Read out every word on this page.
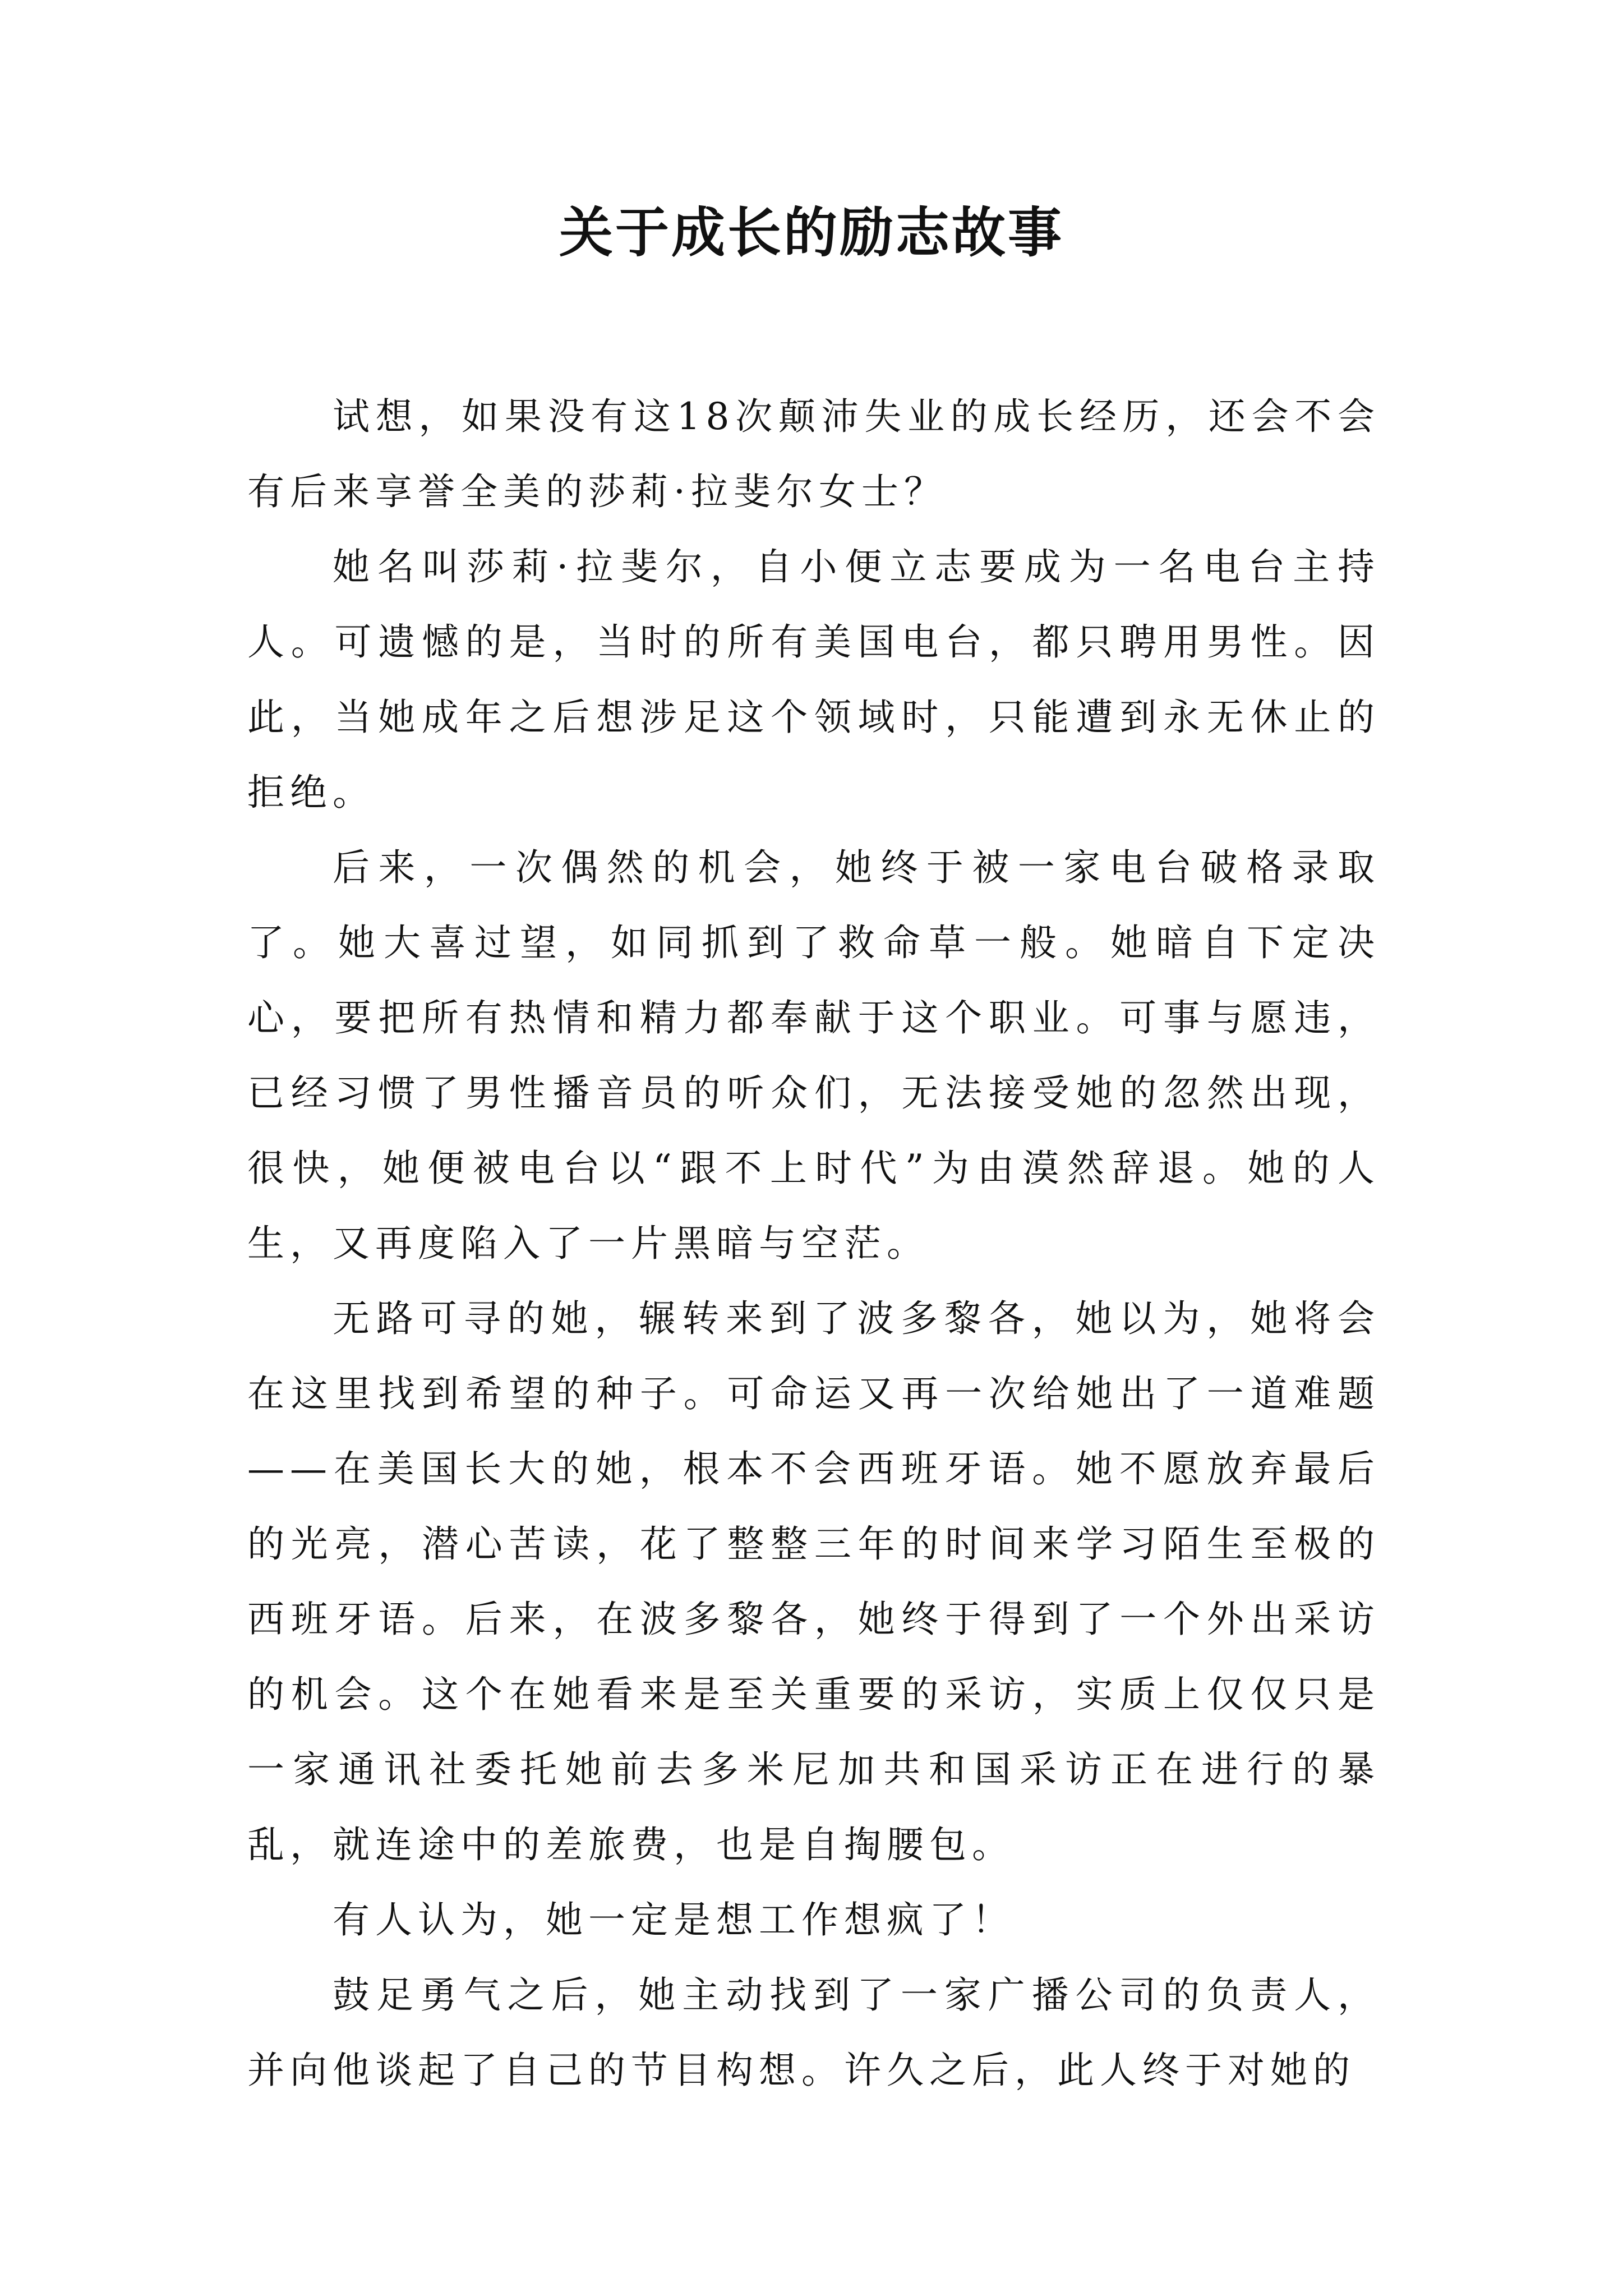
关于成长的励志故事

试想，如果没有这18次颠沛失业的成长经历，还会不会有后来享誉全美的莎莉·拉斐尔女士？

她名叫莎莉·拉斐尔，自小便立志要成为一名电台主持人。可遗憾的是，当时的所有美国电台，都只聘用男性。因此，当她成年之后想涉足这个领域时，只能遭到永无休止的拒绝。

后来，一次偶然的机会，她终于被一家电台破格录取了。她大喜过望，如同抓到了救命草一般。她暗自下定决心，要把所有热情和精力都奉献于这个职业。可事与愿违，已经习惯了男性播音员的听众们，无法接受她的忽然出现，很快，她便被电台以“跟不上时代”为由漠然辞退。她的人生，又再度陷入了一片黑暗与空茫。

无路可寻的她，辗转来到了波多黎各，她以为，她将会在这里找到希望的种子。可命运又再一次给她出了一道难题——在美国长大的她，根本不会西班牙语。她不愿放弃最后的光亮，潜心苦读，花了整整三年的时间来学习陌生至极的西班牙语。后来，在波多黎各，她终于得到了一个外出采访的机会。这个在她看来是至关重要的采访，实质上仅仅只是一家通讯社委托她前去多米尼加共和国采访正在进行的暴乱，就连途中的差旅费，也是自掏腰包。

有人认为，她一定是想工作想疯了！

鼓足勇气之后，她主动找到了一家广播公司的负责人，并向他谈起了自己的节目构想。许久之后，此人终于对她的
